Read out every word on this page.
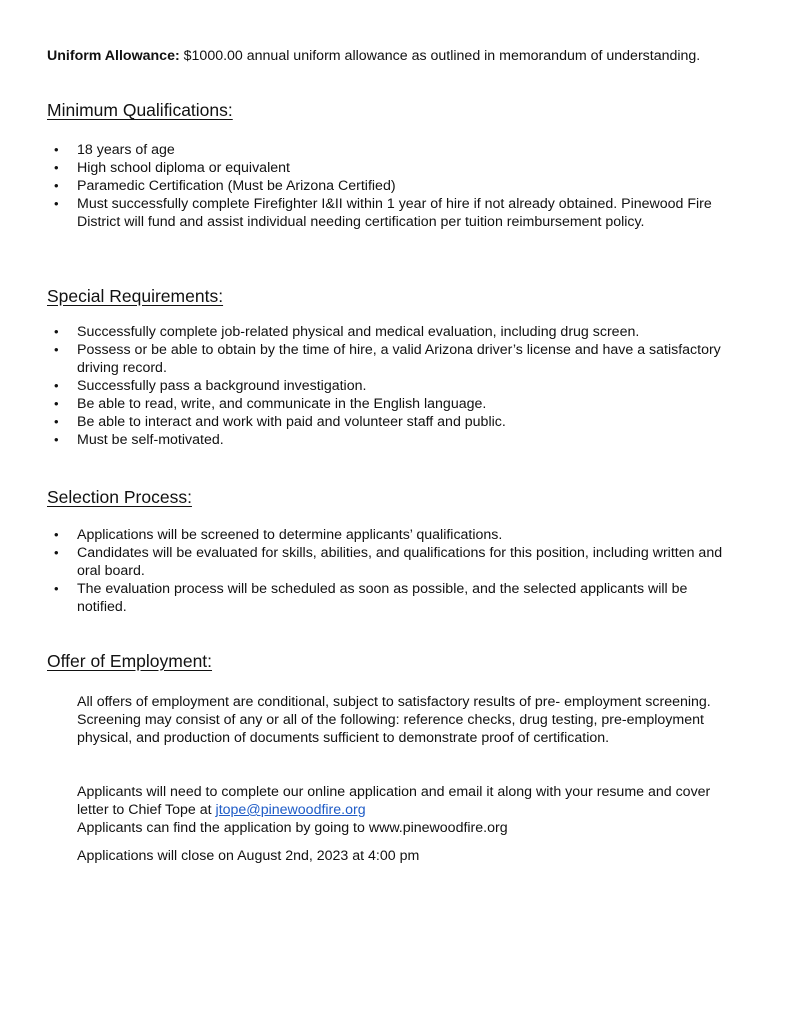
Uniform Allowance: $1000.00 annual uniform allowance as outlined in memorandum of understanding.
Minimum Qualifications:
• 18 years of age
• High school diploma or equivalent
• Paramedic Certification (Must be Arizona Certified)
• Must successfully complete Firefighter I&II within 1 year of hire if not already obtained. Pinewood Fire District will fund and assist individual needing certification per tuition reimbursement policy.
Special Requirements:
• Successfully complete job-related physical and medical evaluation, including drug screen.
• Possess or be able to obtain by the time of hire, a valid Arizona driver’s license and have a satisfactory driving record.
• Successfully pass a background investigation.
• Be able to read, write, and communicate in the English language.
• Be able to interact and work with paid and volunteer staff and public.
• Must be self-motivated.
Selection Process:
• Applications will be screened to determine applicants’ qualifications.
• Candidates will be evaluated for skills, abilities, and qualifications for this position, including written and oral board.
• The evaluation process will be scheduled as soon as possible, and the selected applicants will be notified.
Offer of Employment:

All offers of employment are conditional, subject to satisfactory results of pre- employment screening. Screening may consist of any or all of the following: reference checks, drug testing, pre-employment physical, and production of documents sufficient to demonstrate proof of certification.

Applicants will need to complete our online application and email it along with your resume and cover letter to Chief Tope at jtope@pinewoodfire.org

Applicants can find the application by going to www.pinewoodfire.org

Applications will close on August 2nd, 2023 at 4:00 pm
